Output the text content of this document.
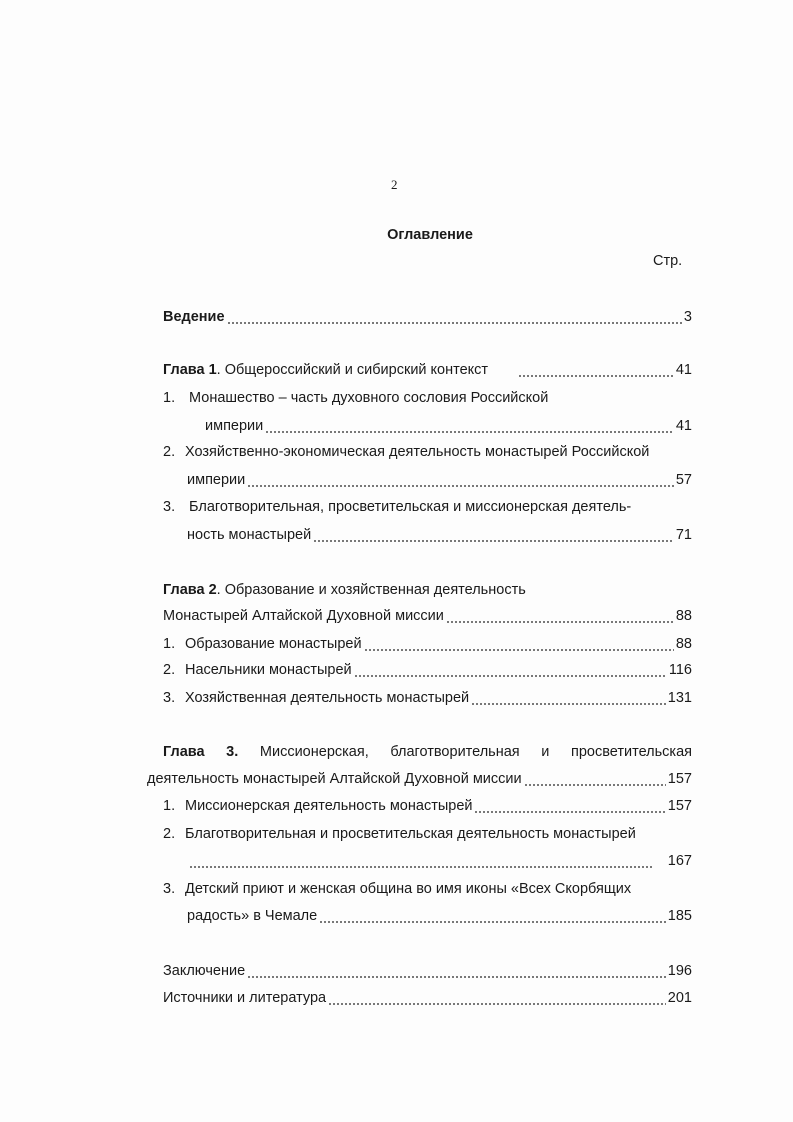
2
Оглавление
Стр.
Ведение	3
Глава 1. Общероссийский и сибирский контекст	41
1. Монашество – часть духовного сословия Российской
империи	41
2. Хозяйственно-экономическая деятельность монастырей Российской
империи	57
3. Благотворительная, просветительская и миссионерская деятель-
ность монастырей	71
Глава 2. Образование и хозяйственная деятельность
Монастырей Алтайской Духовной миссии	88
1. Образование монастырей	88
2. Насельники монастырей	116
3. Хозяйственная деятельность монастырей	131
Глава 3. Миссионерская, благотворительная и просветительская
деятельность монастырей Алтайской Духовной миссии	157
1. Миссионерская деятельность монастырей	157
2. Благотворительная и просветительская деятельность монастырей
167
3. Детский приют и женская община во имя иконы «Всех Скорбящих
радость» в Чемале	185
Заключение	196
Источники и литература	201
